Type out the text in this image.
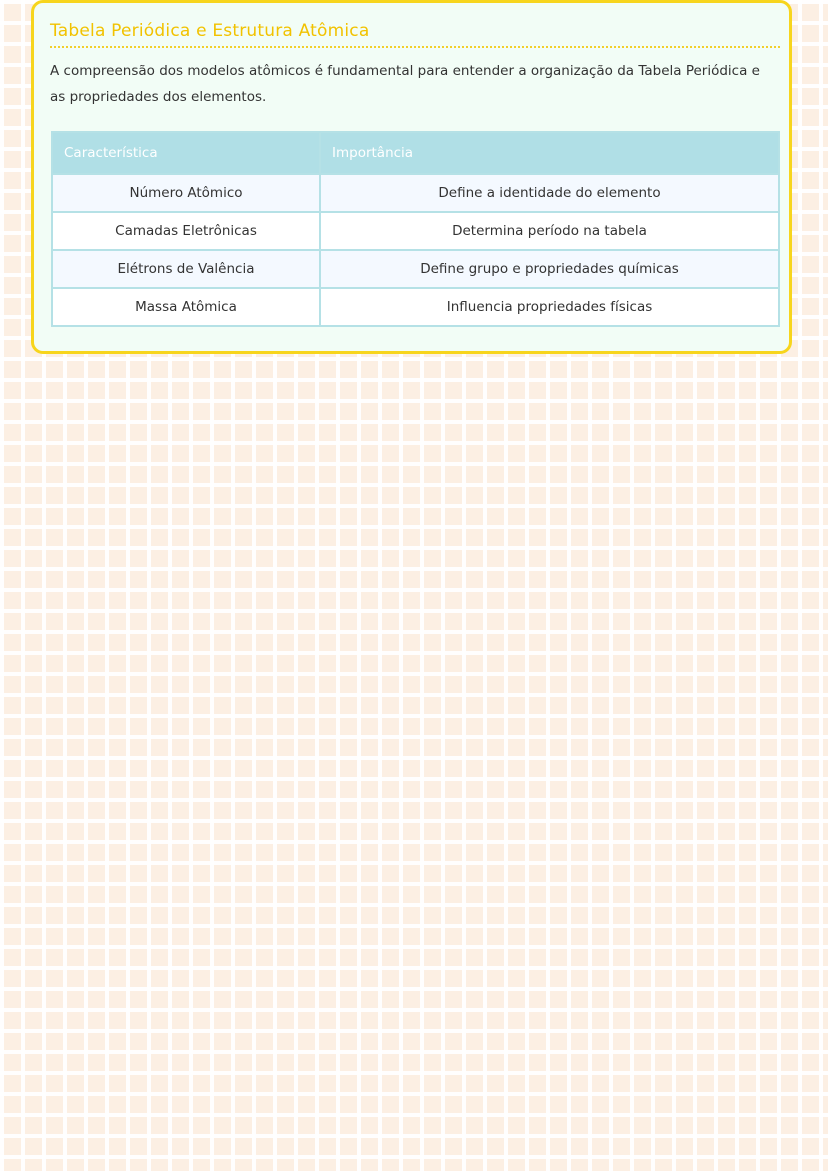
Tabela Periódica e Estrutura Atômica

A compreensão dos modelos atômicos é fundamental para entender a organização da Tabela Periódica e as propriedades dos elementos.

Característica	Importância
Número Atômico	Define a identidade do elemento
Camadas Eletrônicas	Determina período na tabela
Elétrons de Valência	Define grupo e propriedades químicas
Massa Atômica	Influencia propriedades físicas
